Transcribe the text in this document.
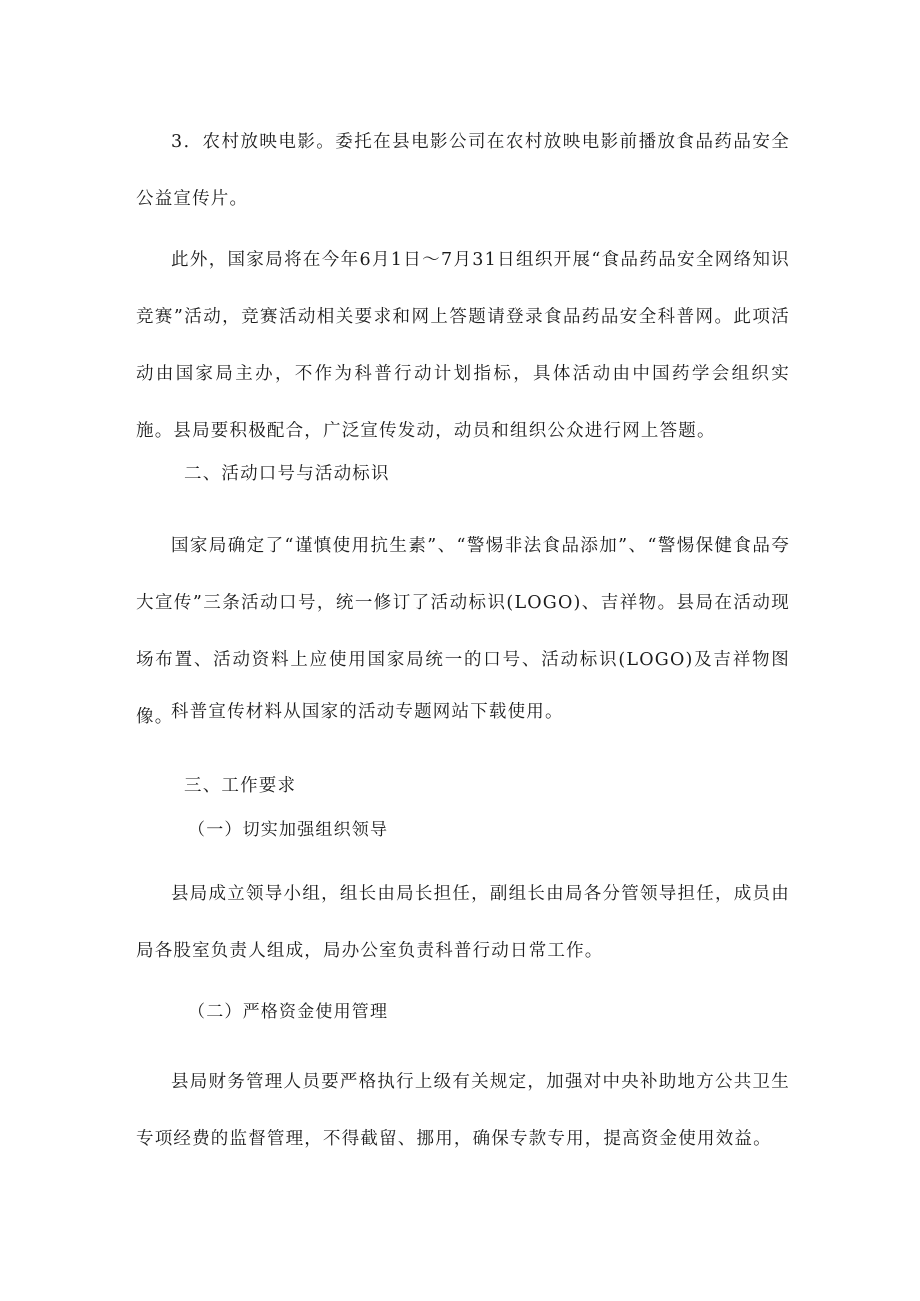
3．农村放映电影。委托在县电影公司在农村放映电影前播放食品药品安全公益宣传片。

此外，国家局将在今年6月1日～7月31日组织开展“食品药品安全网络知识竞赛”活动，竞赛活动相关要求和网上答题请登录食品药品安全科普网。此项活动由国家局主办，不作为科普行动计划指标，具体活动由中国药学会组织实施。县局要积极配合，广泛宣传发动，动员和组织公众进行网上答题。

二、活动口号与活动标识

国家局确定了“谨慎使用抗生素”、“警惕非法食品添加”、“警惕保健食品夸大宣传”三条活动口号，统一修订了活动标识(LOGO)、吉祥物。县局在活动现场布置、活动资料上应使用国家局统一的口号、活动标识(LOGO)及吉祥物图像。

科普宣传材料从国家的活动专题网站下载使用。

三、工作要求

（一）切实加强组织领导

县局成立领导小组，组长由局长担任，副组长由局各分管领导担任，成员由局各股室负责人组成，局办公室负责科普行动日常工作。

（二）严格资金使用管理

县局财务管理人员要严格执行上级有关规定，加强对中央补助地方公共卫生专项经费的监督管理，不得截留、挪用，确保专款专用，提高资金使用效益。
